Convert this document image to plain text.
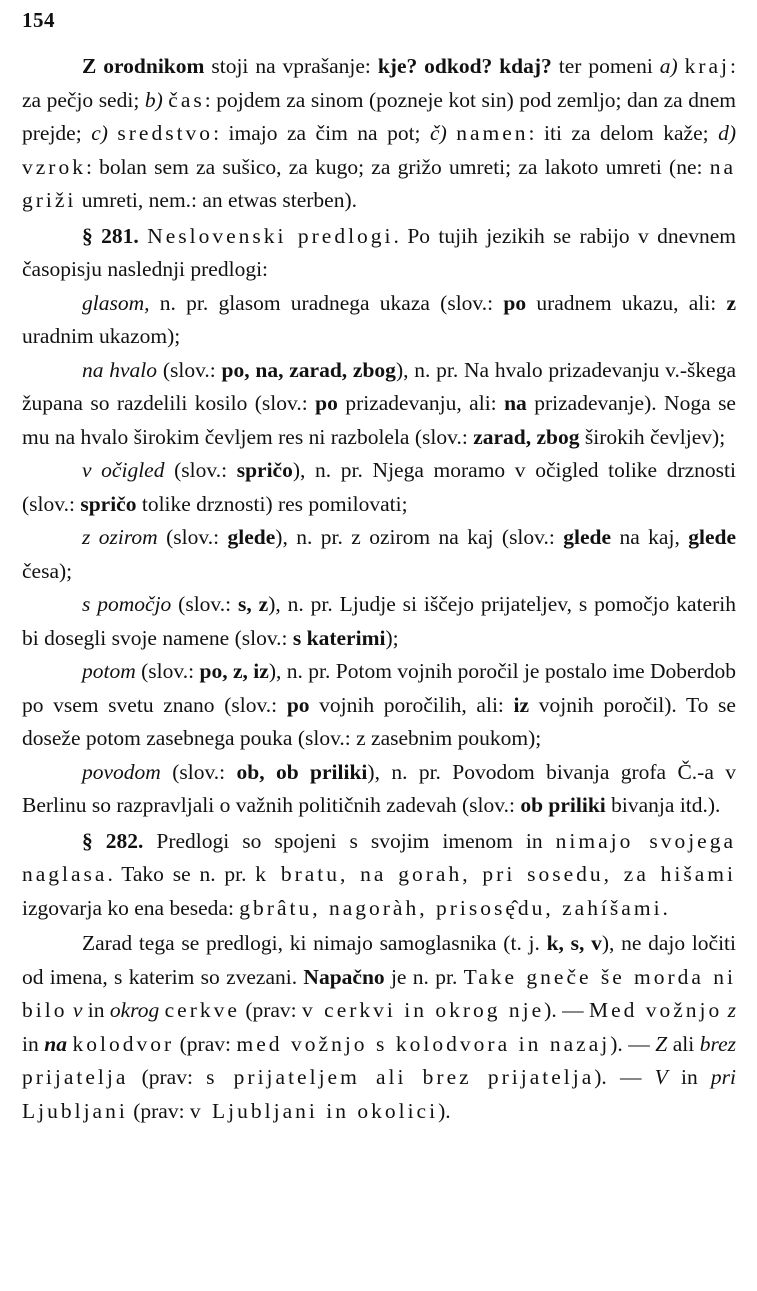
154

Z orodnikom stoji na vprašanje: kje? odkod? kdaj? ter pomeni a) kraj: za pečjo sedi; b) čas: pojdem za sinom (pozneje kot sin) pod zemljo; dan za dnem prejde; c) sredstvo: imajo za čim na pot; č) namen: iti za delom kaže; d) vzrok: bolan sem za sušico, za kugo; za grižo umreti; za lakoto umreti (ne: na griži umreti, nem.: an etwas sterben).

§ 281. Neslovenski predlogi. Po tujih jezikih se rabijo v dnevnem časopisju naslednji predlogi:

glasom, n. pr. glasom uradnega ukaza (slov.: po uradnem ukazu, ali: z uradnim ukazom);

na hvalo (slov.: po, na, zarad, zbog), n. pr. Na hvalo prizadevanju v.-škega župana so razdelili kosilo (slov.: po prizadevanju, ali: na prizadevanje). Noga se mu na hvalo širokim čevljem res ni razbolela (slov.: zarad, zbog širokih čevljev);

v očigled (slov.: spričo), n. pr. Njega moramo v očigled tolike drznosti (slov.: spričo tolike drznosti) res pomilovati;

z ozirom (slov.: glede), n. pr. z ozirom na kaj (slov.: glede na kaj, glede česa);

s pomočjo (slov.: s, z), n. pr. Ljudje si iščejo prijateljev, s pomočjo katerih bi dosegli svoje namene (slov.: s katerimi);

potom (slov.: po, z, iz), n. pr. Potom vojnih poročil je postalo ime Doberdob po vsem svetu znano (slov.: po vojnih poročilih, ali: iz vojnih poročil). To se doseže potom zasebnega pouka (slov.: z zasebnim poukom);

povodom (slov.: ob, ob priliki), n. pr. Povodom bivanja grofa Č.-a v Berlinu so razpravljali o važnih političnih zadevah (slov.: ob priliki bivanja itd.).

§ 282. Predlogi so spojeni s svojim imenom in nimajo svojega naglasa. Tako se n. pr. k bratu, na gorah, pri sosedu, za hišami izgovarja ko ena beseda: gbrâtu, nagoràh, prisosę̂du, zahíšami.

Zarad tega se predlogi, ki nimajo samoglasnika (t. j. k, s, v), ne dajo ločiti od imena, s katerim so zvezani. Napačno je n. pr. Take gneče še morda ni bilo v in okrog cerkve (prav: v cerkvi in okrog nje). — Med vožnjo z in na kolodvor (prav: med vožnjo s kolodvora in nazaj). — Z ali brez prijatelja (prav: s prijateljem ali brez prijatelja). — V in pri Ljubljani (prav: v Ljubljani in okolici).
